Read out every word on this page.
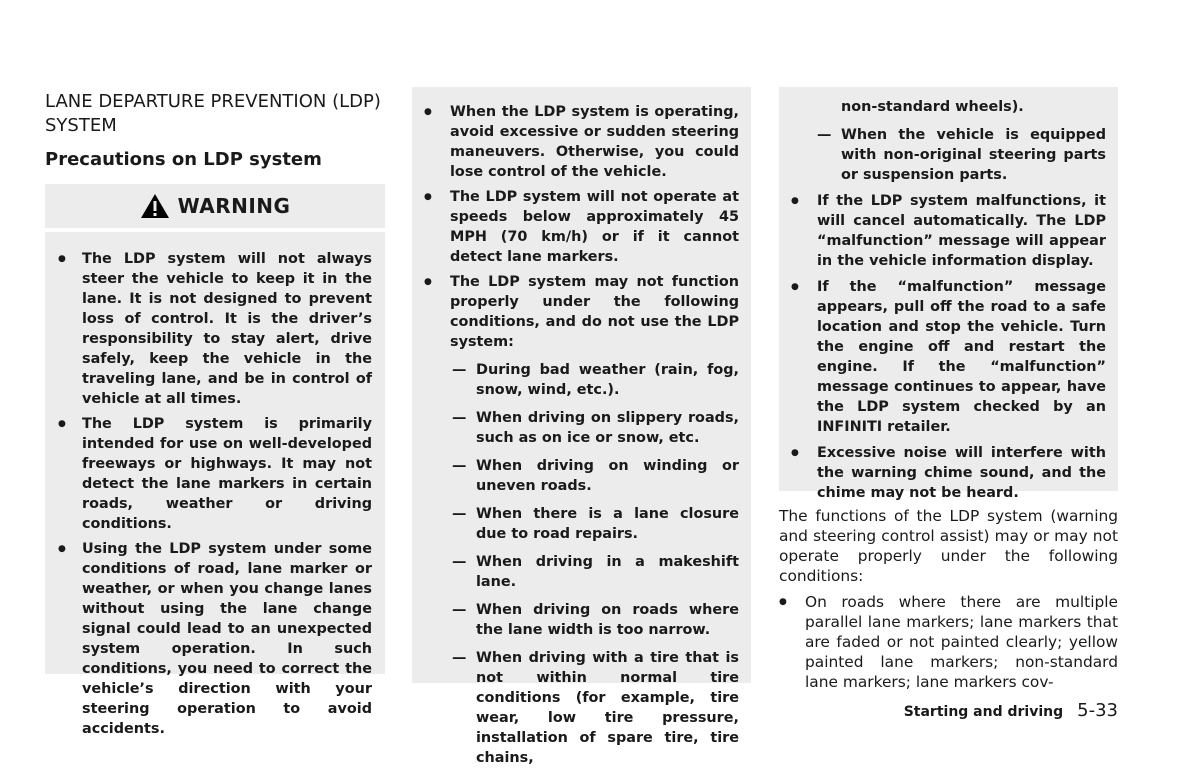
LANE DEPARTURE PREVENTION (LDP) SYSTEM
Precautions on LDP system
WARNING
● The LDP system will not always steer the vehicle to keep it in the lane. It is not designed to prevent loss of control. It is the driver’s responsibility to stay alert, drive safely, keep the vehicle in the traveling lane, and be in control of vehicle at all times.
● The LDP system is primarily intended for use on well-developed freeways or highways. It may not detect the lane markers in certain roads, weather or driving conditions.
● Using the LDP system under some conditions of road, lane marker or weather, or when you change lanes without using the lane change signal could lead to an unexpected system operation. In such conditions, you need to correct the vehicle’s direction with your steering operation to avoid accidents.
● When the LDP system is operating, avoid excessive or sudden steering maneuvers. Otherwise, you could lose control of the vehicle.
● The LDP system will not operate at speeds below approximately 45 MPH (70 km/h) or if it cannot detect lane markers.
● The LDP system may not function properly under the following conditions, and do not use the LDP system:
— During bad weather (rain, fog, snow, wind, etc.).
— When driving on slippery roads, such as on ice or snow, etc.
— When driving on winding or uneven roads.
— When there is a lane closure due to road repairs.
— When driving in a makeshift lane.
— When driving on roads where the lane width is too narrow.
— When driving with a tire that is not within normal tire conditions (for example, tire wear, low tire pressure, installation of spare tire, tire chains,
non-standard wheels).
— When the vehicle is equipped with non-original steering parts or suspension parts.
● If the LDP system malfunctions, it will cancel automatically. The LDP “malfunction” message will appear in the vehicle information display.
● If the “malfunction” message appears, pull off the road to a safe location and stop the vehicle. Turn the engine off and restart the engine. If the “malfunction” message continues to appear, have the LDP system checked by an INFINITI retailer.
● Excessive noise will interfere with the warning chime sound, and the chime may not be heard.

The functions of the LDP system (warning and steering control assist) may or may not operate properly under the following conditions:

● On roads where there are multiple parallel lane markers; lane markers that are faded or not painted clearly; yellow painted lane markers; non-standard lane markers; lane markers cov-
Starting and driving 5-33
